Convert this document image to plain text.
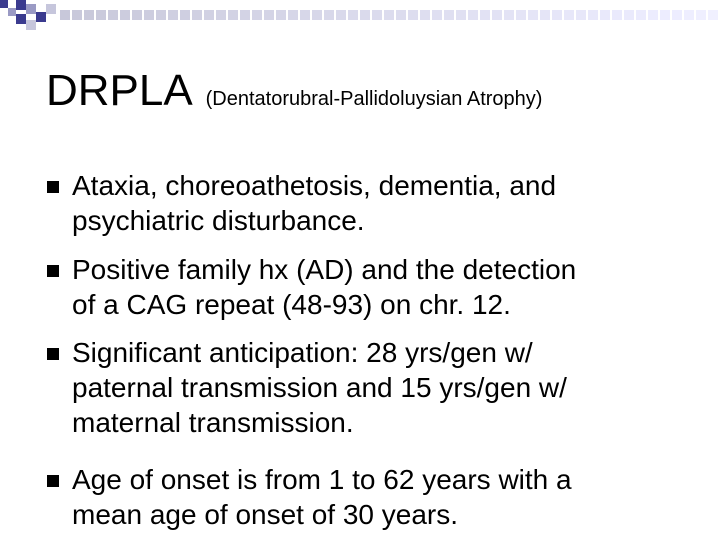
DRPLA (Dentatorubral-Pallidoluysian Atrophy)
Ataxia, choreoathetosis, dementia, and
psychiatric disturbance.
Positive family hx (AD) and the detection
of a CAG repeat (48-93) on chr. 12.
Significant anticipation: 28 yrs/gen w/
paternal transmission and 15 yrs/gen w/
maternal transmission.
Age of onset is from 1 to 62 years with a
mean age of onset of 30 years.
